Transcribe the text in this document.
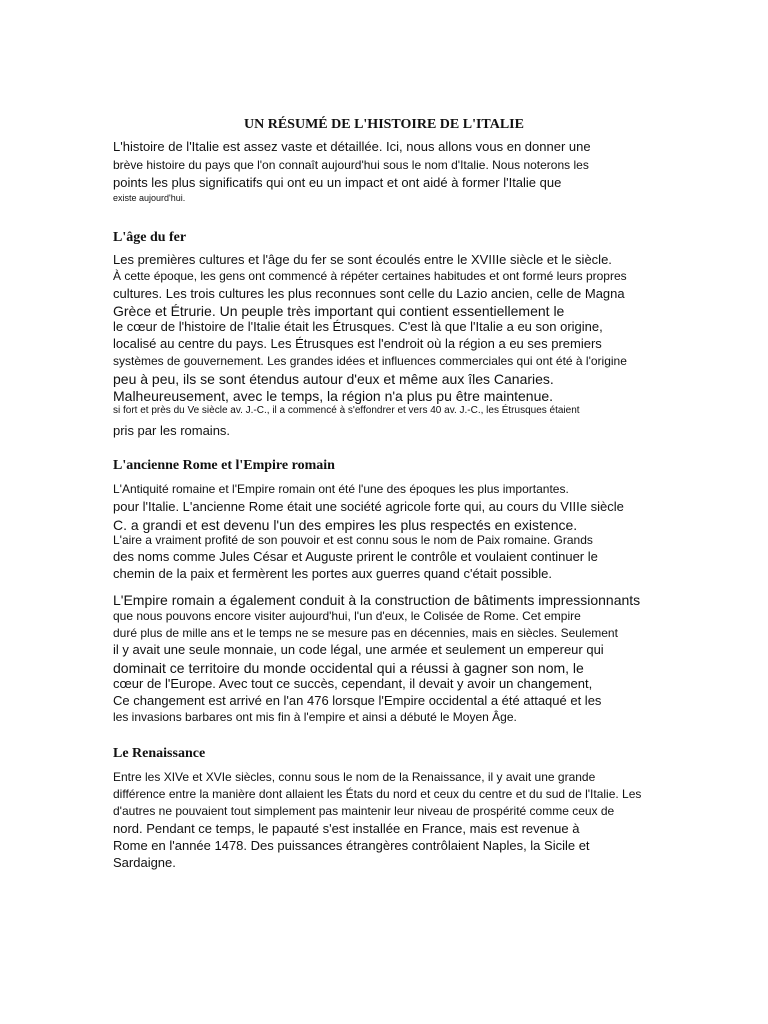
UN RÉSUMÉ DE L'HISTOIRE DE L'ITALIE

L'histoire de l'Italie est assez vaste et détaillée. Ici, nous allons vous en donner une

brève histoire du pays que l'on connaît aujourd'hui sous le nom d'Italie. Nous noterons les

points les plus significatifs qui ont eu un impact et ont aidé à former l'Italie que

existe aujourd'hui.

L'âge du fer

Les premières cultures et l'âge du fer se sont écoulés entre le XVIIIe siècle et le siècle.

À cette époque, les gens ont commencé à répéter certaines habitudes et ont formé leurs propres

cultures. Les trois cultures les plus reconnues sont celle du Lazio ancien, celle de Magna

Grèce et Étrurie. Un peuple très important qui contient essentiellement le

le cœur de l'histoire de l'Italie était les Étrusques. C'est là que l'Italie a eu son origine,

localisé au centre du pays. Les Étrusques est l'endroit où la région a eu ses premiers

systèmes de gouvernement. Les grandes idées et influences commerciales qui ont été à l'origine

peu à peu, ils se sont étendus autour d'eux et même aux îles Canaries.

Malheureusement, avec le temps, la région n'a plus pu être maintenue.

si fort et près du Ve siècle av. J.-C., il a commencé à s'effondrer et vers 40 av. J.-C., les Étrusques étaient

pris par les romains.

L'ancienne Rome et l'Empire romain

L'Antiquité romaine et l'Empire romain ont été l'une des époques les plus importantes.

pour l'Italie. L'ancienne Rome était une société agricole forte qui, au cours du VIIIe siècle

C. a grandi et est devenu l'un des empires les plus respectés en existence.

L'aire a vraiment profité de son pouvoir et est connu sous le nom de Paix romaine. Grands

des noms comme Jules César et Auguste prirent le contrôle et voulaient continuer le

chemin de la paix et fermèrent les portes aux guerres quand c'était possible.

L'Empire romain a également conduit à la construction de bâtiments impressionnants

que nous pouvons encore visiter aujourd'hui, l'un d'eux, le Colisée de Rome. Cet empire

duré plus de mille ans et le temps ne se mesure pas en décennies, mais en siècles. Seulement

il y avait une seule monnaie, un code légal, une armée et seulement un empereur qui

dominait ce territoire du monde occidental qui a réussi à gagner son nom, le

cœur de l'Europe. Avec tout ce succès, cependant, il devait y avoir un changement,

Ce changement est arrivé en l'an 476 lorsque l'Empire occidental a été attaqué et les

les invasions barbares ont mis fin à l'empire et ainsi a débuté le Moyen Âge.

Le Renaissance

Entre les XIVe et XVIe siècles, connu sous le nom de la Renaissance, il y avait une grande

différence entre la manière dont allaient les États du nord et ceux du centre et du sud de l'Italie. Les

d'autres ne pouvaient tout simplement pas maintenir leur niveau de prospérité comme ceux de

nord. Pendant ce temps, le papauté s'est installée en France, mais est revenue à

Rome en l'année 1478. Des puissances étrangères contrôlaient Naples, la Sicile et

Sardaigne.
